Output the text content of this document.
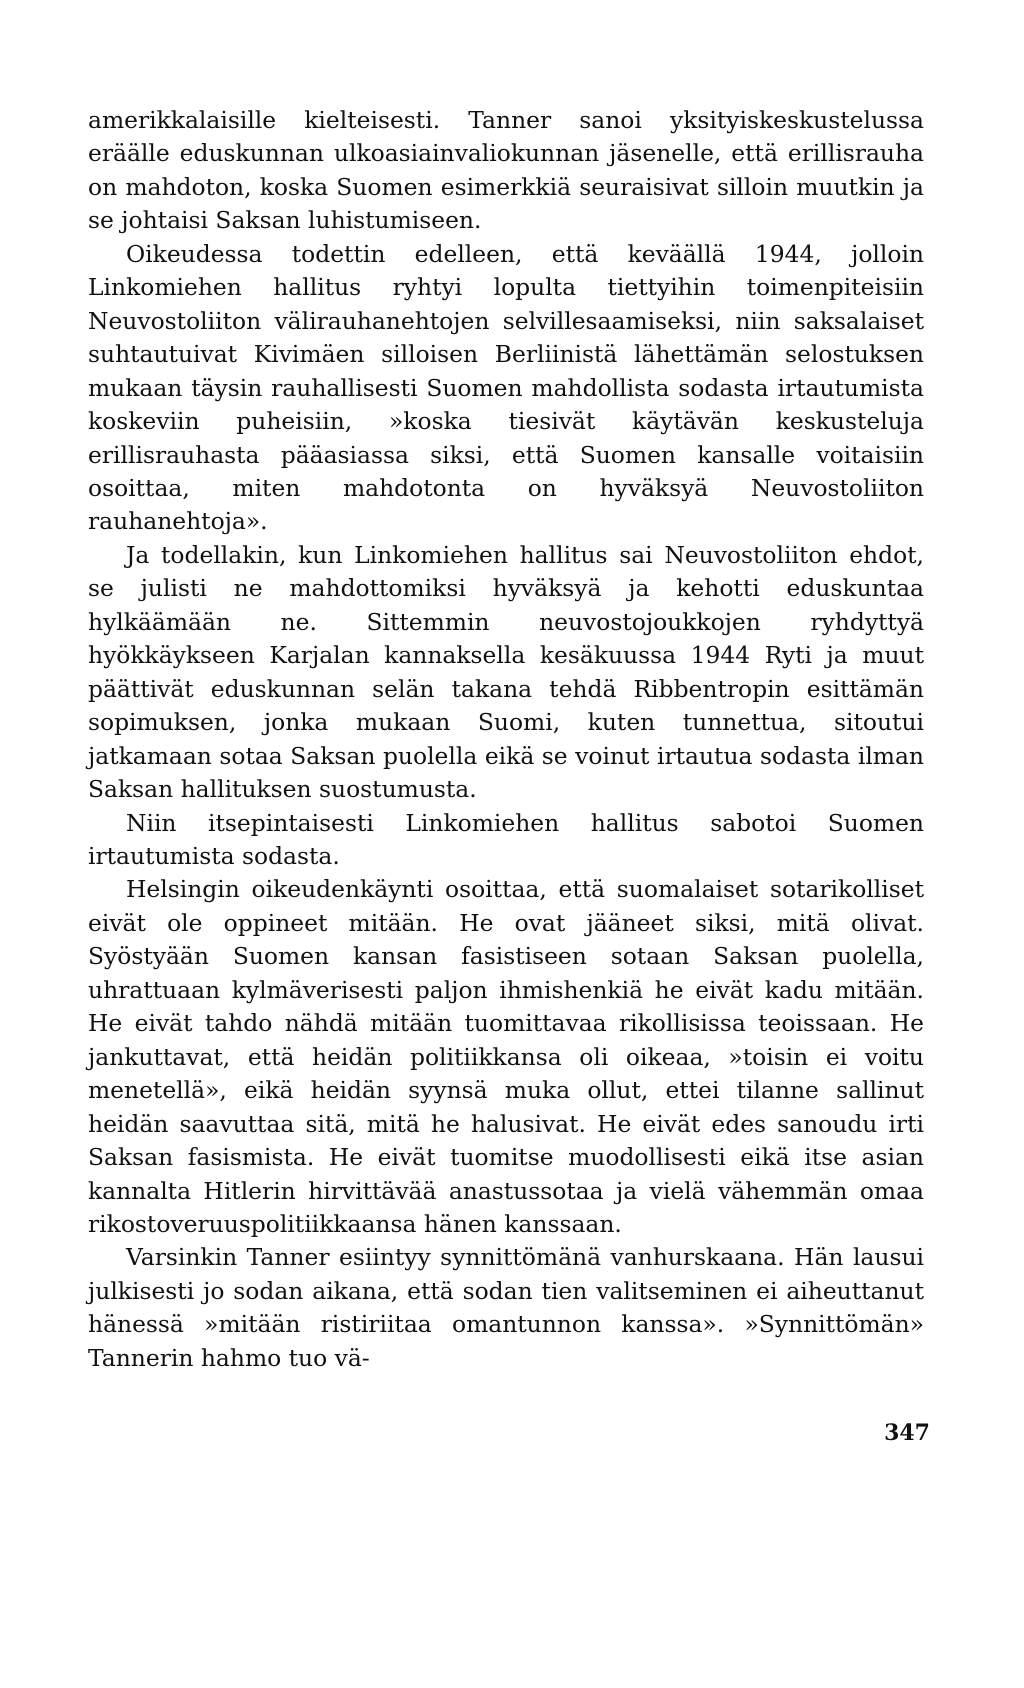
amerikkalaisille kielteisesti. Tanner sanoi yksityiskeskustelussa eräälle eduskunnan ulkoasiainvaliokunnan jäsenelle, että erillisrauha on mahdoton, koska Suomen esimerkkiä seuraisivat silloin muutkin ja se johtaisi Saksan luhistumiseen.

Oikeudessa todettin edelleen, että keväällä 1944, jolloin Linkomiehen hallitus ryhtyi lopulta tiettyihin toimenpiteisiin Neuvostoliiton välirauhanehtojen selvillesaamiseksi, niin saksalaiset suhtautuivat Kivimäen silloisen Berliinistä lähettämän selostuksen mukaan täysin rauhallisesti Suomen mahdollista sodasta irtautumista koskeviin puheisiin, »koska tiesivät käytävän keskusteluja erillisrauhasta pääasiassa siksi, että Suomen kansalle voitaisiin osoittaa, miten mahdotonta on hyväksyä Neuvostoliiton rauhanehtoja».

Ja todellakin, kun Linkomiehen hallitus sai Neuvostoliiton ehdot, se julisti ne mahdottomiksi hyväksyä ja kehotti eduskuntaa hylkäämään ne. Sittemmin neuvostojoukkojen ryhdyttyä hyökkäykseen Karjalan kannaksella kesäkuussa 1944 Ryti ja muut päättivät eduskunnan selän takana tehdä Ribbentropin esittämän sopimuksen, jonka mukaan Suomi, kuten tunnettua, sitoutui jatkamaan sotaa Saksan puolella eikä se voinut irtautua sodasta ilman Saksan hallituksen suostumusta.

Niin itsepintaisesti Linkomiehen hallitus sabotoi Suomen irtautumista sodasta.

Helsingin oikeudenkäynti osoittaa, että suomalaiset sotarikolliset eivät ole oppineet mitään. He ovat jääneet siksi, mitä olivat. Syöstyään Suomen kansan fasistiseen sotaan Saksan puolella, uhrattuaan kylmäverisesti paljon ihmishenkiä he eivät kadu mitään. He eivät tahdo nähdä mitään tuomittavaa rikollisissa teoissaan. He jankuttavat, että heidän politiikkansa oli oikeaa, »toisin ei voitu menetellä», eikä heidän syynsä muka ollut, ettei tilanne sallinut heidän saavuttaa sitä, mitä he halusivat. He eivät edes sanoudu irti Saksan fasismista. He eivät tuomitse muodollisesti eikä itse asian kannalta Hitlerin hirvittävää anastussotaa ja vielä vähemmän omaa rikostoveruuspolitiikkaansa hänen kanssaan.

Varsinkin Tanner esiintyy synnittömänä vanhurskaana. Hän lausui julkisesti jo sodan aikana, että sodan tien valitseminen ei aiheuttanut hänessä »mitään ristiriitaa omantunnon kanssa». »Synnittömän» Tannerin hahmo tuo vä-

347
